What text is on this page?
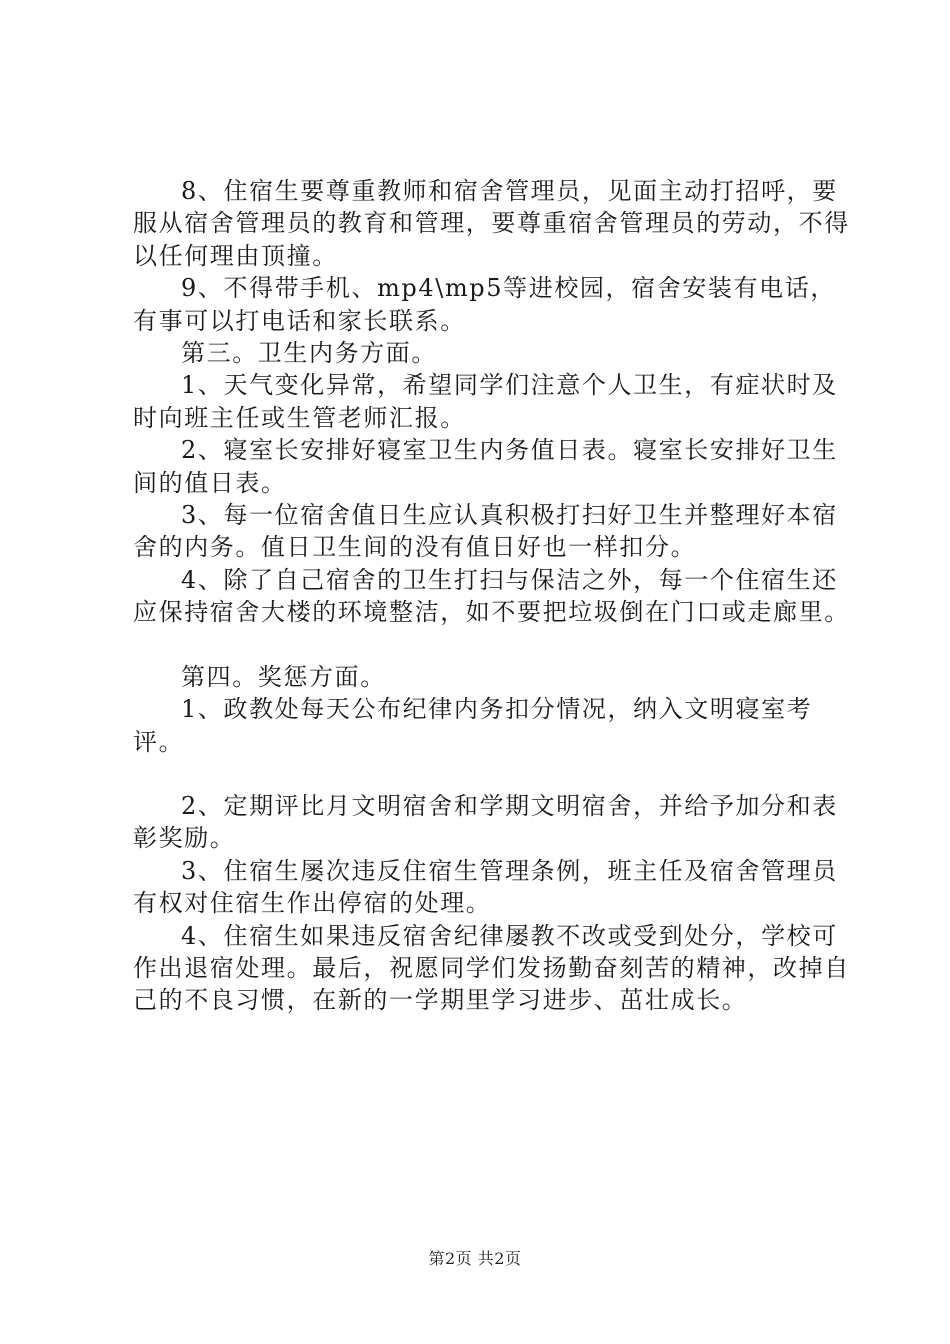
8、住宿生要尊重教师和宿舍管理员，见面主动打招呼，要服从宿舍管理员的教育和管理，要尊重宿舍管理员的劳动，不得以任何理由顶撞。

9、不得带手机、mp4\mp5等进校园，宿舍安装有电话，有事可以打电话和家长联系。

第三。卫生内务方面。

1、天气变化异常，希望同学们注意个人卫生，有症状时及时向班主任或生管老师汇报。

2、寝室长安排好寝室卫生内务值日表。寝室长安排好卫生间的值日表。

3、每一位宿舍值日生应认真积极打扫好卫生并整理好本宿舍的内务。值日卫生间的没有值日好也一样扣分。

4、除了自己宿舍的卫生打扫与保洁之外，每一个住宿生还应保持宿舍大楼的环境整洁，如不要把垃圾倒在门口或走廊里。

第四。奖惩方面。

1、政教处每天公布纪律内务扣分情况，纳入文明寝室考评。

2、定期评比月文明宿舍和学期文明宿舍，并给予加分和表彰奖励。

3、住宿生屡次违反住宿生管理条例，班主任及宿舍管理员有权对住宿生作出停宿的处理。

4、住宿生如果违反宿舍纪律屡教不改或受到处分，学校可作出退宿处理。最后，祝愿同学们发扬勤奋刻苦的精神，改掉自己的不良习惯，在新的一学期里学习进步、茁壮成长。

第2页 共2页
